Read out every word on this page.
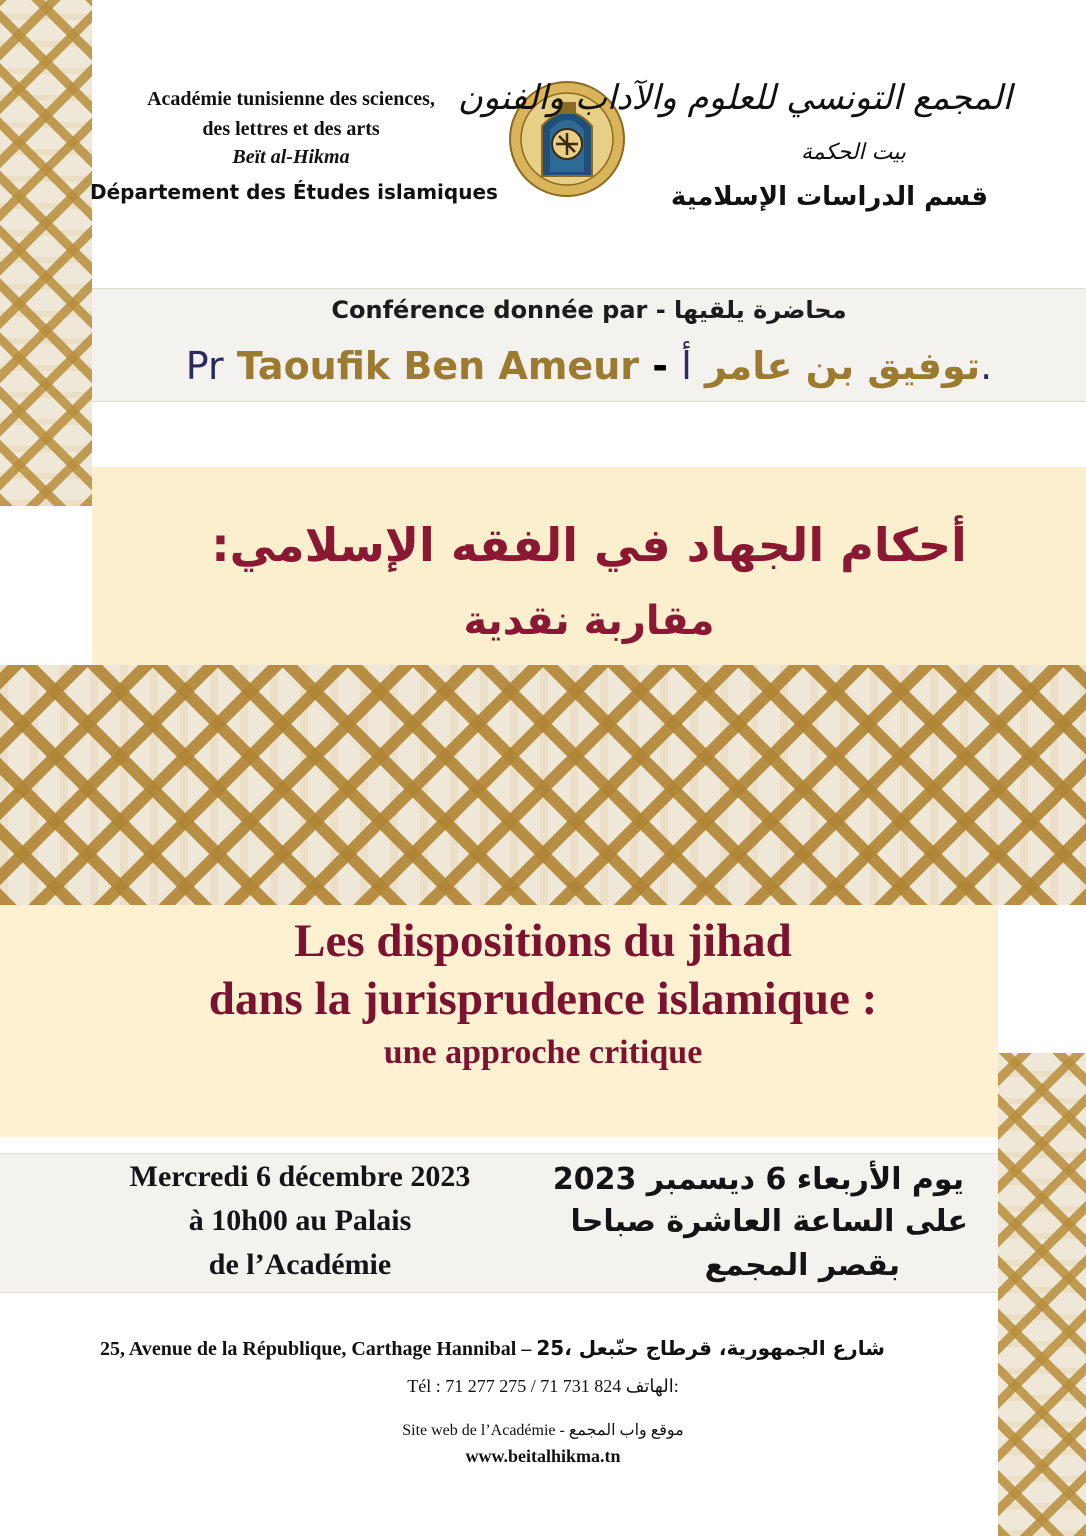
Académie tunisienne des sciences,

des lettres et des arts

Beït al-Hikma

Département des Études islamiques

المجمع التونسي للعلوم والآداب والفنون

بيت الحكمة

قسم الدراسات الإسلامية

Conférence donnée par - محاضرة يلقيها

Pr Taoufik Ben Ameur - توفيق بن عامر أ.

أحكام الجهاد في الفقه الإسلامي:

مقاربة نقدية

Les dispositions du jihad

dans la jurisprudence islamique :

une approche critique

Mercredi 6 décembre 2023

à 10h00 au Palais

de l’Académie

يوم الأربعاء 6 ديسمبر 2023

على الساعة العاشرة صباحا

بقصر المجمع

25, Avenue de la République, Carthage Hannibal – 25، شارع الجمهورية، قرطاج حنّبعل

Tél : 71 277 275 / 71 731 824 الهاتف:

Site web de l’Académie - موقع واب المجمع

www.beitalhikma.tn
